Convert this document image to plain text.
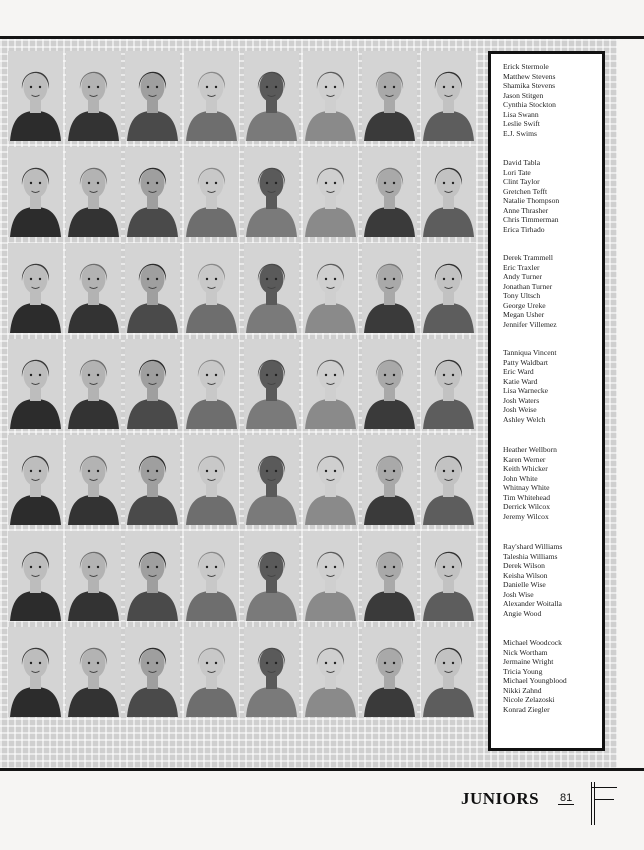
Erick Stermole
Matthew Stevens
Shamika Stevens
Jason Stitgen
Cynthia Stockton
Lisa Swann
Leslie Swift
E.J. Swims
David Tabla
Lori Tate
Clint Taylor
Gretchen Tefft
Natalie Thompson
Anne Thrasher
Chris Timmerman
Erica Tirhado
Derek Trammell
Eric Traxler
Andy Turner
Jonathan Turner
Tony Ultsch
George Ureke
Megan Usher
Jennifer Villemez
Tanniqua Vincent
Patty Waldbart
Eric Ward
Katie Ward
Lisa Warnecke
Josh Waters
Josh Weise
Ashley Welch
Heather Wellborn
Karen Werner
Keith Whicker
John White
Whitnay White
Tim Whitehead
Derrick Wilcox
Jeremy Wilcox
Ray'shard Williams
Taleshia Williams
Derek Wilson
Keisha Wilson
Danielle Wise
Josh Wise
Alexander Woitalla
Angie Wood
Michael Woodcock
Nick Wortham
Jermaine Wright
Tricia Young
Michael Youngblood
Nikki Zahnd
Nicole Zelazoski
Konrad Ziegler
JUNIORS 81
